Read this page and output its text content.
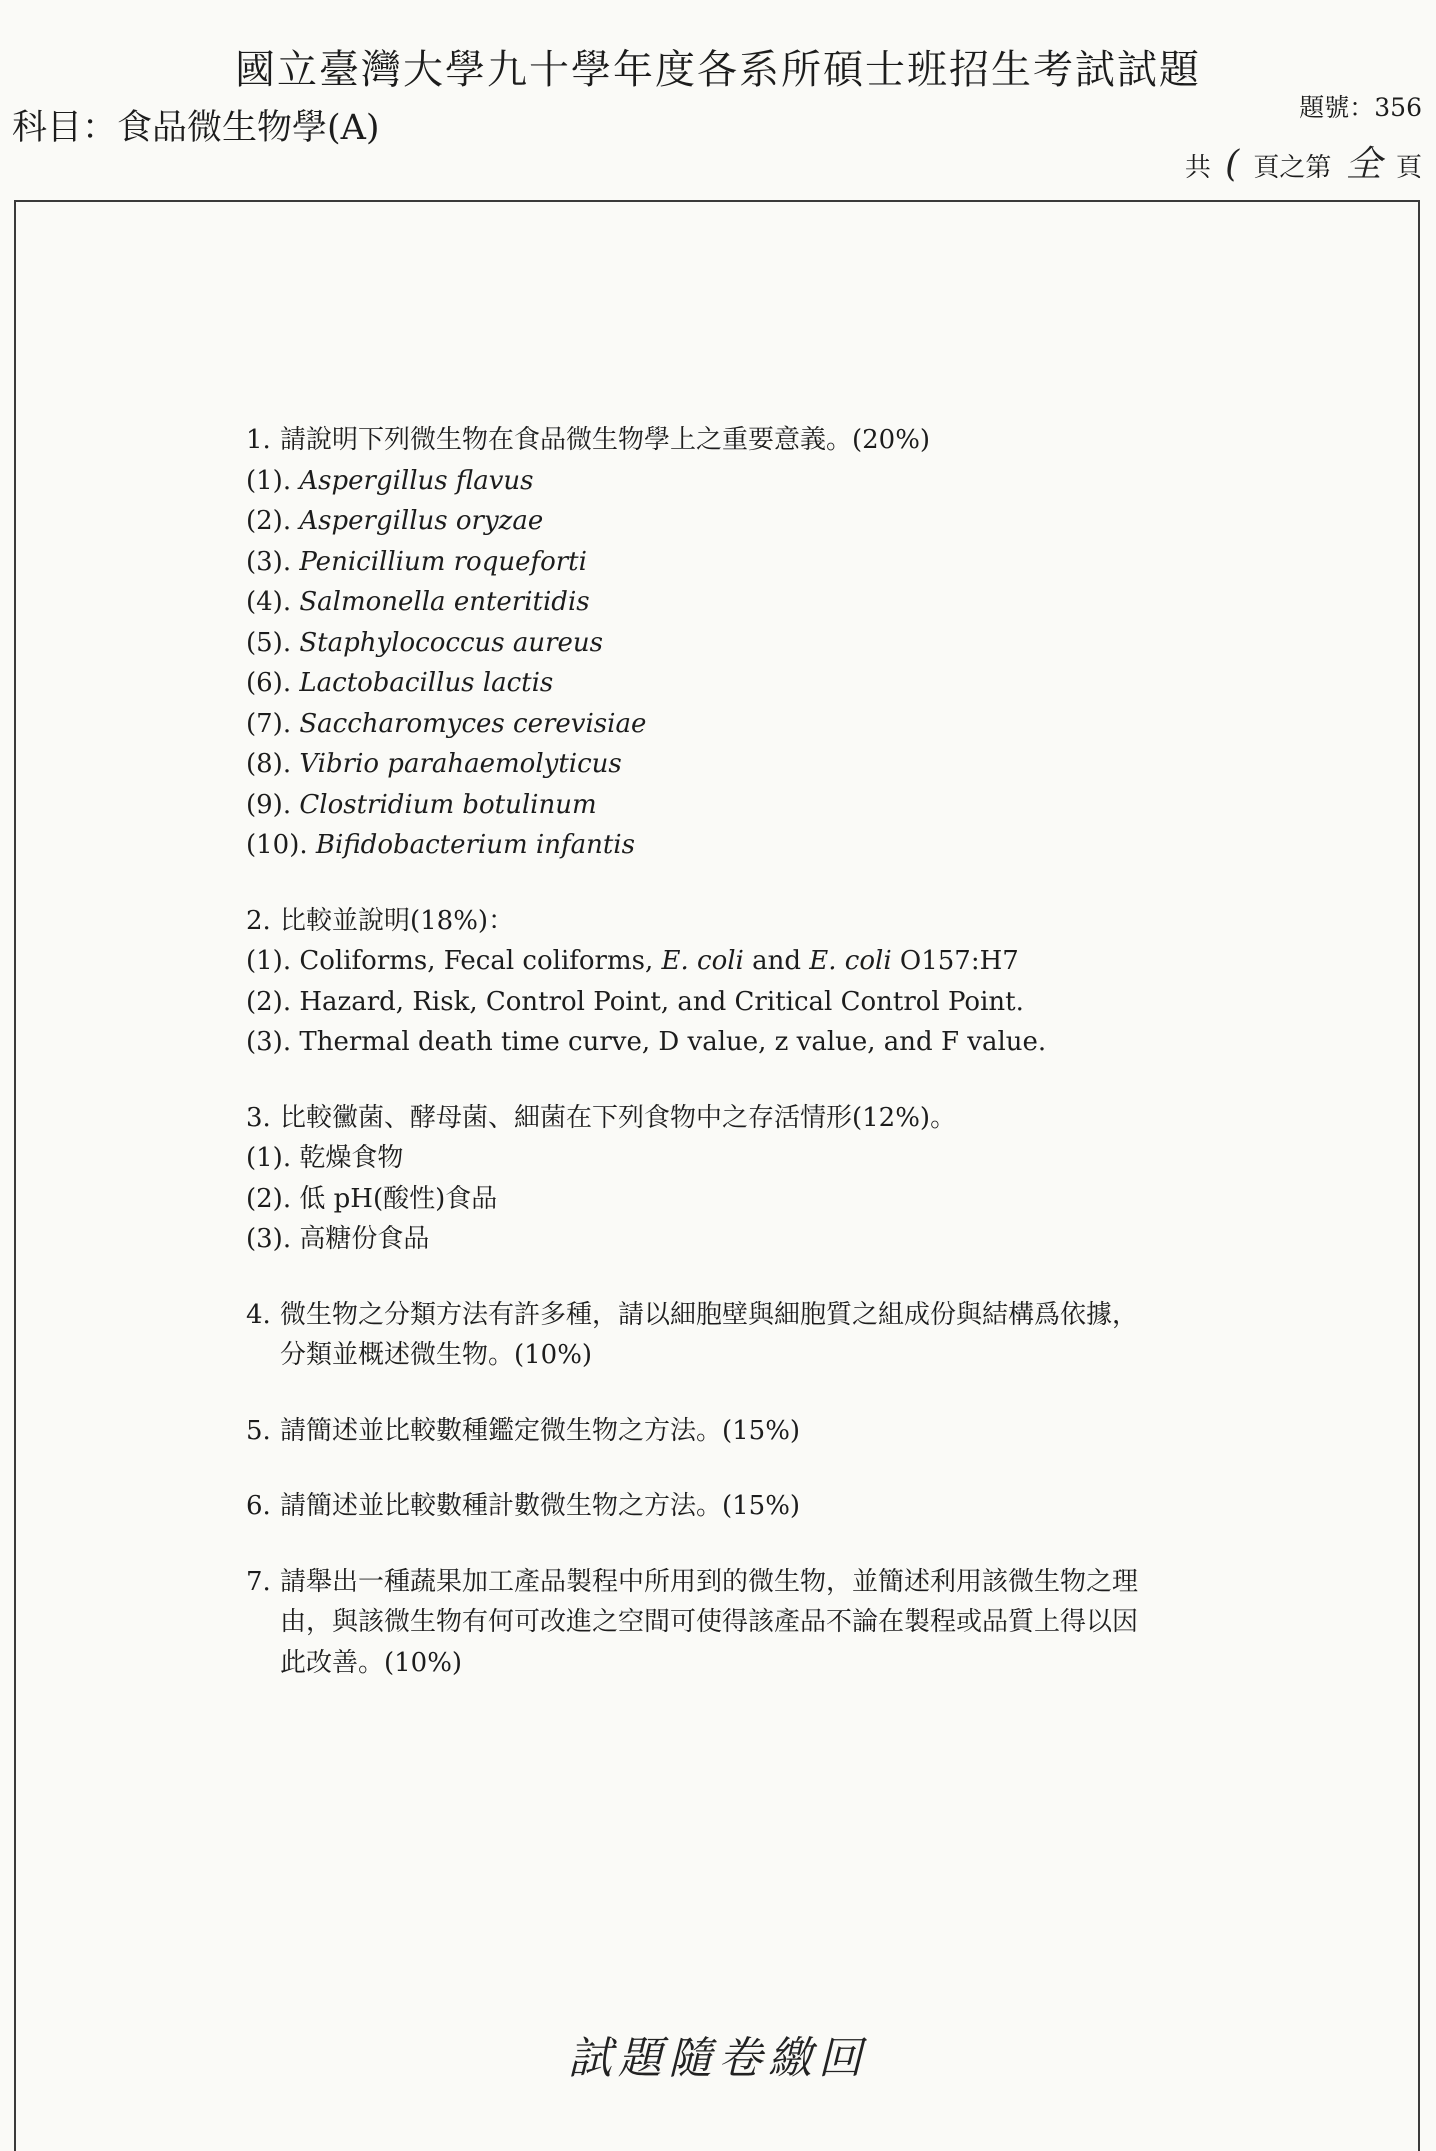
國立臺灣大學九十學年度各系所碩士班招生考試試題
科目：食品微生物學(A)
題號：356
共 ( 頁之第 全 頁
1. 請說明下列微生物在食品微生物學上之重要意義。(20%)
(1). Aspergillus flavus
(2). Aspergillus oryzae
(3). Penicillium roqueforti
(4). Salmonella enteritidis
(5). Staphylococcus aureus
(6). Lactobacillus lactis
(7). Saccharomyces cerevisiae
(8). Vibrio parahaemolyticus
(9). Clostridium botulinum
(10). Bifidobacterium infantis
2. 比較並說明(18%)：
(1). Coliforms, Fecal coliforms, E. coli and E. coli O157:H7
(2). Hazard, Risk, Control Point, and Critical Control Point.
(3). Thermal death time curve, D value, z value, and F value.
3. 比較黴菌、酵母菌、細菌在下列食物中之存活情形(12%)。
(1). 乾燥食物
(2). 低 pH(酸性)食品
(3). 高糖份食品
4. 微生物之分類方法有許多種，請以細胞壁與細胞質之組成份與結構爲依據，
分類並概述微生物。(10%)
5. 請簡述並比較數種鑑定微生物之方法。(15%)
6. 請簡述並比較數種計數微生物之方法。(15%)
7. 請舉出一種蔬果加工產品製程中所用到的微生物，並簡述利用該微生物之理
由，與該微生物有何可改進之空間可使得該產品不論在製程或品質上得以因
此改善。(10%)
試題隨卷繳回
